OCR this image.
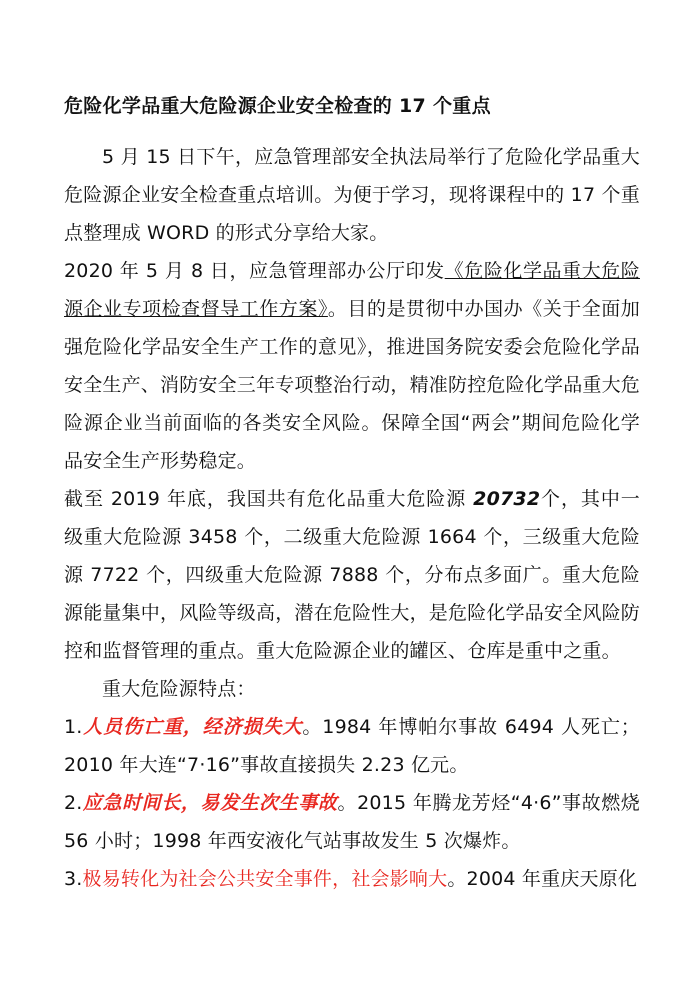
危险化学品重大危险源企业安全检查的 17 个重点

5 月 15 日下午，应急管理部安全执法局举行了危险化学品重大危险源企业安全检查重点培训。为便于学习，现将课程中的 17 个重点整理成 WORD 的形式分享给大家。

2020 年 5 月 8 日，应急管理部办公厅印发《危险化学品重大危险源企业专项检查督导工作方案》。目的是贯彻中办国办《关于全面加强危险化学品安全生产工作的意见》，推进国务院安委会危险化学品安全生产、消防安全三年专项整治行动，精准防控危险化学品重大危险源企业当前面临的各类安全风险。保障全国“两会”期间危险化学品安全生产形势稳定。

截至 2019 年底，我国共有危化品重大危险源 20732个，其中一级重大危险源 3458 个，二级重大危险源 1664 个，三级重大危险源 7722 个，四级重大危险源 7888 个，分布点多面广。重大危险源能量集中，风险等级高，潜在危险性大，是危险化学品安全风险防控和监督管理的重点。重大危险源企业的罐区、仓库是重中之重。

重大危险源特点：

1.人员伤亡重，经济损失大。1984 年博帕尔事故 6494 人死亡；2010 年大连“7·16”事故直接损失 2.23 亿元。

2.应急时间长，易发生次生事故。2015 年腾龙芳烃“4·6”事故燃烧 56 小时；1998 年西安液化气站事故发生 5 次爆炸。

3.极易转化为社会公共安全事件，社会影响大。2004 年重庆天原化
